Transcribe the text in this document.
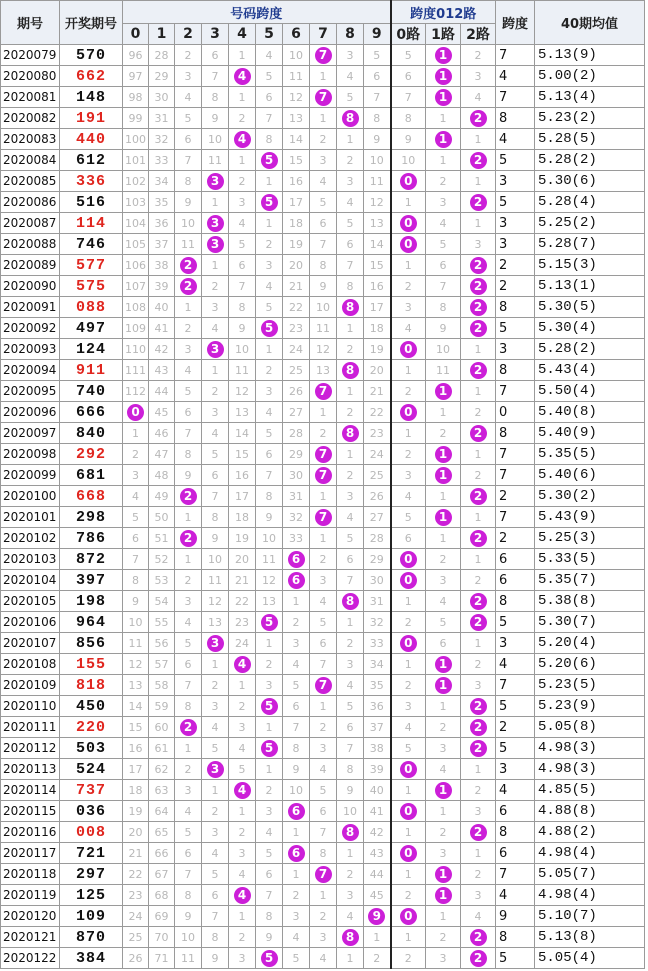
期号	开奖期号	号码跨度										跨度012路			跨度	40期均值
		0	1	2	3	4	5	6	7	8	9	0路	1路	2路		
2020079	570	96	28	2	6	1	4	10	7	3	5	5	1	2	7	5.13(9)
2020080	662	97	29	3	7	4	5	11	1	4	6	6	1	3	4	5.00(2)
2020081	148	98	30	4	8	1	6	12	7	5	7	7	1	4	7	5.13(4)
2020082	191	99	31	5	9	2	7	13	1	8	8	8	1	2	8	5.23(2)
2020083	440	100	32	6	10	4	8	14	2	1	9	9	1	1	4	5.28(5)
2020084	612	101	33	7	11	1	5	15	3	2	10	10	1	2	5	5.28(2)
2020085	336	102	34	8	3	2	1	16	4	3	11	0	2	1	3	5.30(6)
2020086	516	103	35	9	1	3	5	17	5	4	12	1	3	2	5	5.28(4)
2020087	114	104	36	10	3	4	1	18	6	5	13	0	4	1	3	5.25(2)
2020088	746	105	37	11	3	5	2	19	7	6	14	0	5	3	3	5.28(7)
2020089	577	106	38	2	1	6	3	20	8	7	15	1	6	2	2	5.15(3)
2020090	575	107	39	2	2	7	4	21	9	8	16	2	7	2	2	5.13(1)
2020091	088	108	40	1	3	8	5	22	10	8	17	3	8	2	8	5.30(5)
2020092	497	109	41	2	4	9	5	23	11	1	18	4	9	2	5	5.30(4)
2020093	124	110	42	3	3	10	1	24	12	2	19	0	10	1	3	5.28(2)
2020094	911	111	43	4	1	11	2	25	13	8	20	1	11	2	8	5.43(4)
2020095	740	112	44	5	2	12	3	26	7	1	21	2	1	1	7	5.50(4)
2020096	666	0	45	6	3	13	4	27	1	2	22	0	1	2	0	5.40(8)
2020097	840	1	46	7	4	14	5	28	2	8	23	1	2	2	8	5.40(9)
2020098	292	2	47	8	5	15	6	29	7	1	24	2	1	1	7	5.35(5)
2020099	681	3	48	9	6	16	7	30	7	2	25	3	1	2	7	5.40(6)
2020100	668	4	49	2	7	17	8	31	1	3	26	4	1	2	2	5.30(2)
2020101	298	5	50	1	8	18	9	32	7	4	27	5	1	1	7	5.43(9)
2020102	786	6	51	2	9	19	10	33	1	5	28	6	1	2	2	5.25(3)
2020103	872	7	52	1	10	20	11	6	2	6	29	0	2	1	6	5.33(5)
2020104	397	8	53	2	11	21	12	6	3	7	30	0	3	2	6	5.35(7)
2020105	198	9	54	3	12	22	13	1	4	8	31	1	4	2	8	5.38(8)
2020106	964	10	55	4	13	23	5	2	5	1	32	2	5	2	5	5.30(7)
2020107	856	11	56	5	3	24	1	3	6	2	33	0	6	1	3	5.20(4)
2020108	155	12	57	6	1	4	2	4	7	3	34	1	1	2	4	5.20(6)
2020109	818	13	58	7	2	1	3	5	7	4	35	2	1	3	7	5.23(5)
2020110	450	14	59	8	3	2	5	6	1	5	36	3	1	2	5	5.23(9)
2020111	220	15	60	2	4	3	1	7	2	6	37	4	2	2	2	5.05(8)
2020112	503	16	61	1	5	4	5	8	3	7	38	5	3	2	5	4.98(3)
2020113	524	17	62	2	3	5	1	9	4	8	39	0	4	1	3	4.98(3)
2020114	737	18	63	3	1	4	2	10	5	9	40	1	1	2	4	4.85(5)
2020115	036	19	64	4	2	1	3	6	6	10	41	0	1	3	6	4.88(8)
2020116	008	20	65	5	3	2	4	1	7	8	42	1	2	2	8	4.88(2)
2020117	721	21	66	6	4	3	5	6	8	1	43	0	3	1	6	4.98(4)
2020118	297	22	67	7	5	4	6	1	7	2	44	1	1	2	7	5.05(7)
2020119	125	23	68	8	6	4	7	2	1	3	45	2	1	3	4	4.98(4)
2020120	109	24	69	9	7	1	8	3	2	4	9	0	1	4	9	5.10(7)
2020121	870	25	70	10	8	2	9	4	3	8	1	1	2	2	8	5.13(8)
2020122	384	26	71	11	9	3	5	5	4	1	2	2	3	2	5	5.05(4)
